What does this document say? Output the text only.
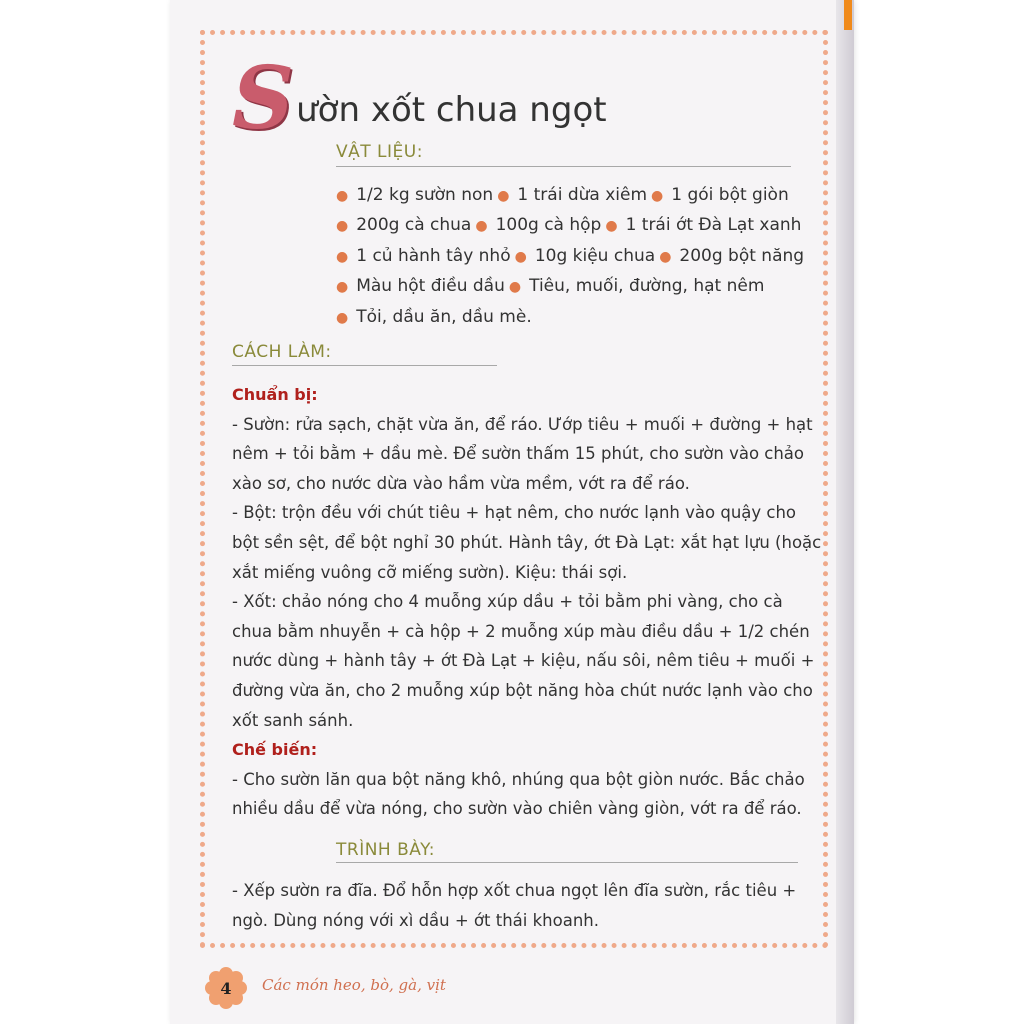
S ườn xốt chua ngọt
VẬT LIỆU:
● 1/2 kg sườn non ● 1 trái dừa xiêm ● 1 gói bột giòn
● 200g cà chua ● 100g cà hộp ● 1 trái ớt Đà Lạt xanh
● 1 củ hành tây nhỏ ● 10g kiệu chua ● 200g bột năng
● Màu hột điều dầu ● Tiêu, muối, đường, hạt nêm
● Tỏi, dầu ăn, dầu mè.
CÁCH LÀM:
Chuẩn bị:
- Sườn: rửa sạch, chặt vừa ăn, để ráo. Ướp tiêu + muối + đường + hạt nêm + tỏi bằm + dầu mè. Để sườn thấm 15 phút, cho sườn vào chảo xào sơ, cho nước dừa vào hầm vừa mềm, vớt ra để ráo.
- Bột: trộn đều với chút tiêu + hạt nêm, cho nước lạnh vào quậy cho bột sền sệt, để bột nghỉ 30 phút. Hành tây, ớt Đà Lạt: xắt hạt lựu (hoặc xắt miếng vuông cỡ miếng sườn). Kiệu: thái sợi.
- Xốt: chảo nóng cho 4 muỗng xúp dầu + tỏi bằm phi vàng, cho cà chua bằm nhuyễn + cà hộp + 2 muỗng xúp màu điều dầu + 1/2 chén nước dùng + hành tây + ớt Đà Lạt + kiệu, nấu sôi, nêm tiêu + muối + đường vừa ăn, cho 2 muỗng xúp bột năng hòa chút nước lạnh vào cho xốt sanh sánh.
Chế biến:
- Cho sườn lăn qua bột năng khô, nhúng qua bột giòn nước. Bắc chảo nhiều dầu để vừa nóng, cho sườn vào chiên vàng giòn, vớt ra để ráo.
TRÌNH BÀY:
- Xếp sườn ra đĩa. Đổ hỗn hợp xốt chua ngọt lên đĩa sườn, rắc tiêu + ngò. Dùng nóng với xì dầu + ớt thái khoanh.
4 Các món heo, bò, gà, vịt
